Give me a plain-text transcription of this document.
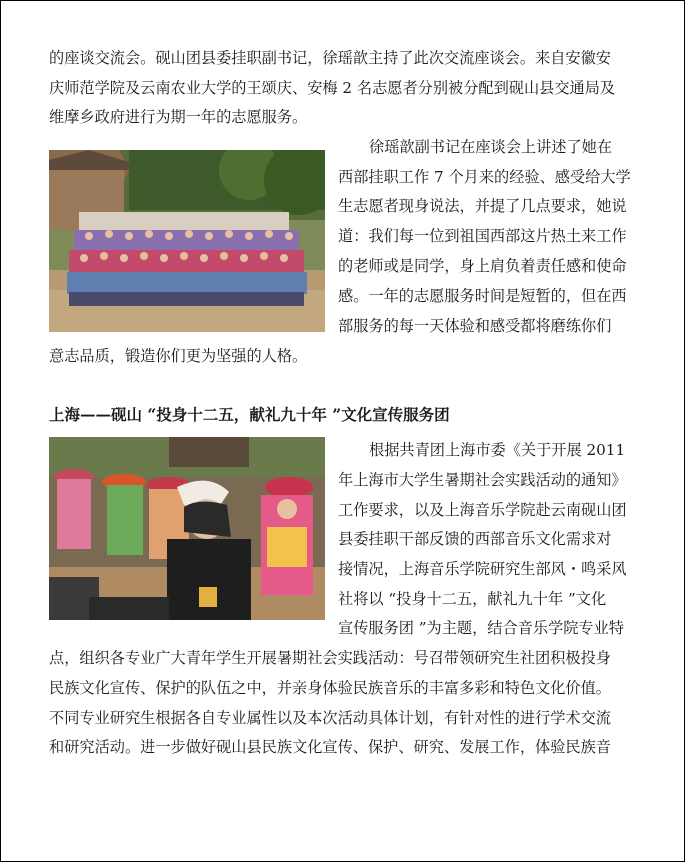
的座谈交流会。砚山团县委挂职副书记，徐瑶歆主持了此次交流座谈会。来自安徽安
庆师范学院及云南农业大学的王颂庆、安梅 2 名志愿者分别被分配到砚山县交通局及
维摩乡政府进行为期一年的志愿服务。
徐瑶歆副书记在座谈会上讲述了她在
西部挂职工作 7 个月来的经验、感受给大学
生志愿者现身说法，并提了几点要求，她说
道：我们每一位到祖国西部这片热土来工作
的老师或是同学，身上肩负着责任感和使命
感。一年的志愿服务时间是短暂的，但在西
部服务的每一天体验和感受都将磨练你们
意志品质，锻造你们更为坚强的人格。
上海——砚山 “投身十二五，献礼九十年 ”文化宣传服务团
根据共青团上海市委《关于开展 2011
年上海市大学生暑期社会实践活动的通知》
工作要求，以及上海音乐学院赴云南砚山团
县委挂职干部反馈的西部音乐文化需求对
接情况，上海音乐学院研究生部风・鸣采风
社将以 “投身十二五，献礼九十年 ”文化
宣传服务团 ”为主题，结合音乐学院专业特
点，组织各专业广大青年学生开展暑期社会实践活动：号召带领研究生社团积极投身
民族文化宣传、保护的队伍之中，并亲身体验民族音乐的丰富多彩和特色文化价值。
不同专业研究生根据各自专业属性以及本次活动具体计划，有针对性的进行学术交流
和研究活动。进一步做好砚山县民族文化宣传、保护、研究、发展工作，体验民族音
